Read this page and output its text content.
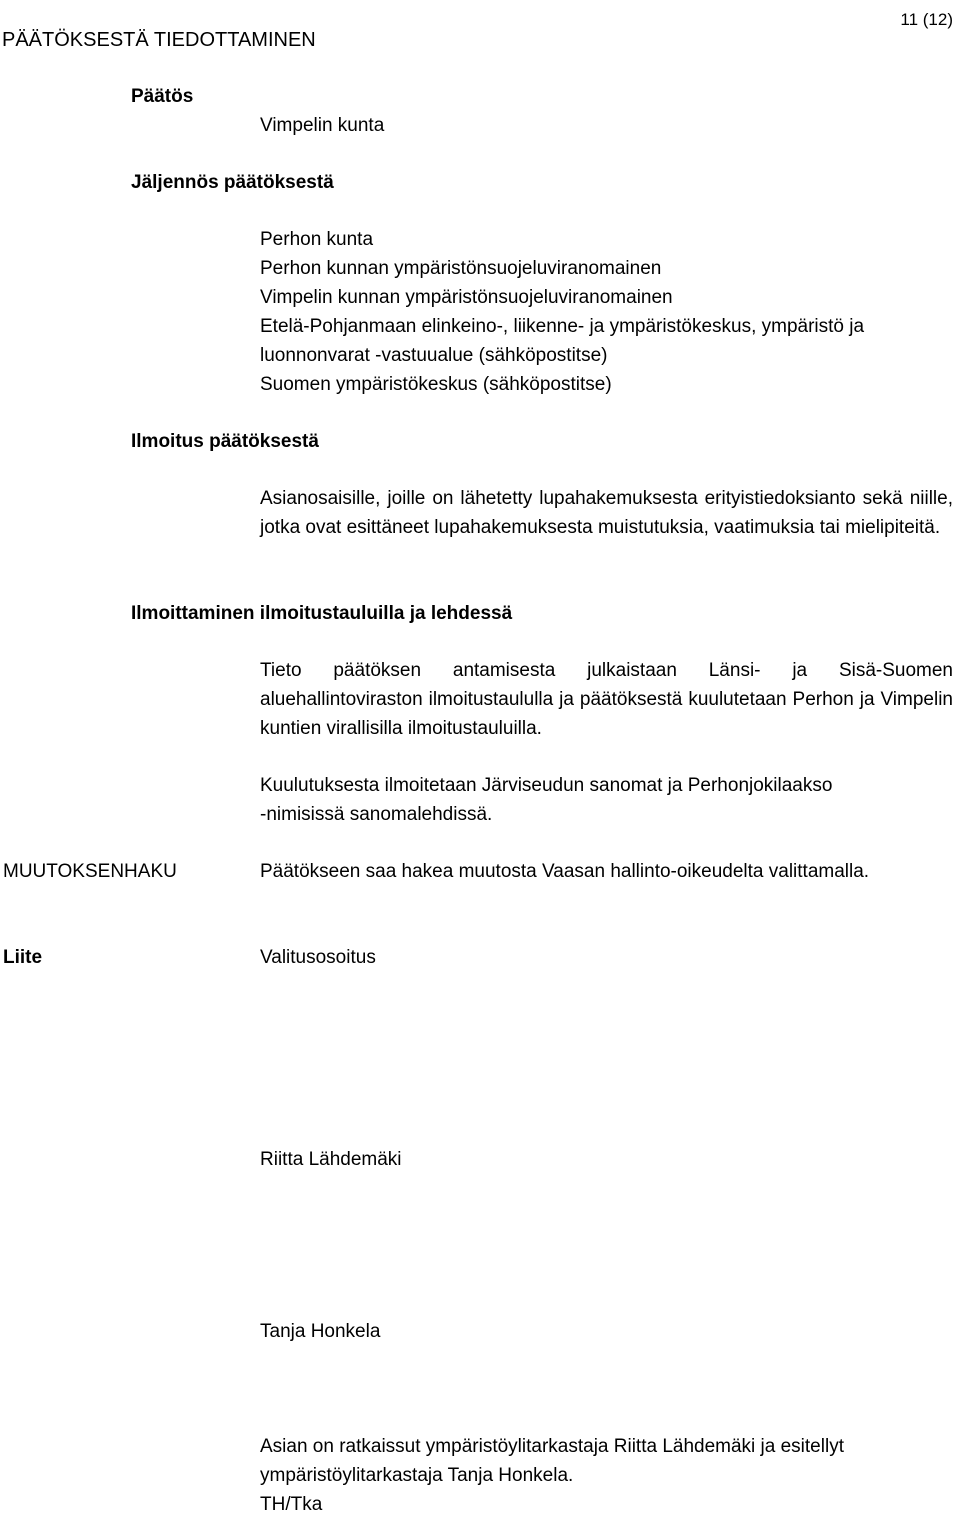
PÄÄTÖKSESTÄ TIEDOTTAMINEN
11 (12)
Päätös
Vimpelin kunta
Jäljennös päätöksestä
Perhon kunta
Perhon kunnan ympäristönsuojeluviranomainen
Vimpelin kunnan ympäristönsuojeluviranomainen
Etelä-Pohjanmaan elinkeino-, liikenne- ja ympäristökeskus, ympäristö ja
luonnonvarat -vastuualue (sähköpostitse)
Suomen ympäristökeskus (sähköpostitse)
Ilmoitus päätöksestä
Asianosaisille, joille on lähetetty lupahakemuksesta erityistiedoksianto sekä niille, jotka ovat esittäneet lupahakemuksesta muistutuksia, vaatimuksia tai mielipiteitä.
Ilmoittaminen ilmoitustauluilla ja lehdessä
Tieto päätöksen antamisesta julkaistaan Länsi- ja Sisä-Suomen aluehallintoviraston ilmoitustaululla ja päätöksestä kuulutetaan Perhon ja Vimpelin kuntien virallisilla ilmoitustauluilla.
Kuulutuksesta ilmoitetaan Järviseudun sanomat ja Perhonjokilaakso
-nimisissä sanomalehdissä.
MUUTOKSENHAKU	Päätökseen saa hakea muutosta Vaasan hallinto-oikeudelta valittamalla.
Liite	Valitusosoitus
Riitta Lähdemäki
Tanja Honkela
Asian on ratkaissut ympäristöylitarkastaja Riitta Lähdemäki ja esitellyt
ympäristöylitarkastaja Tanja Honkela.
TH/Tka
